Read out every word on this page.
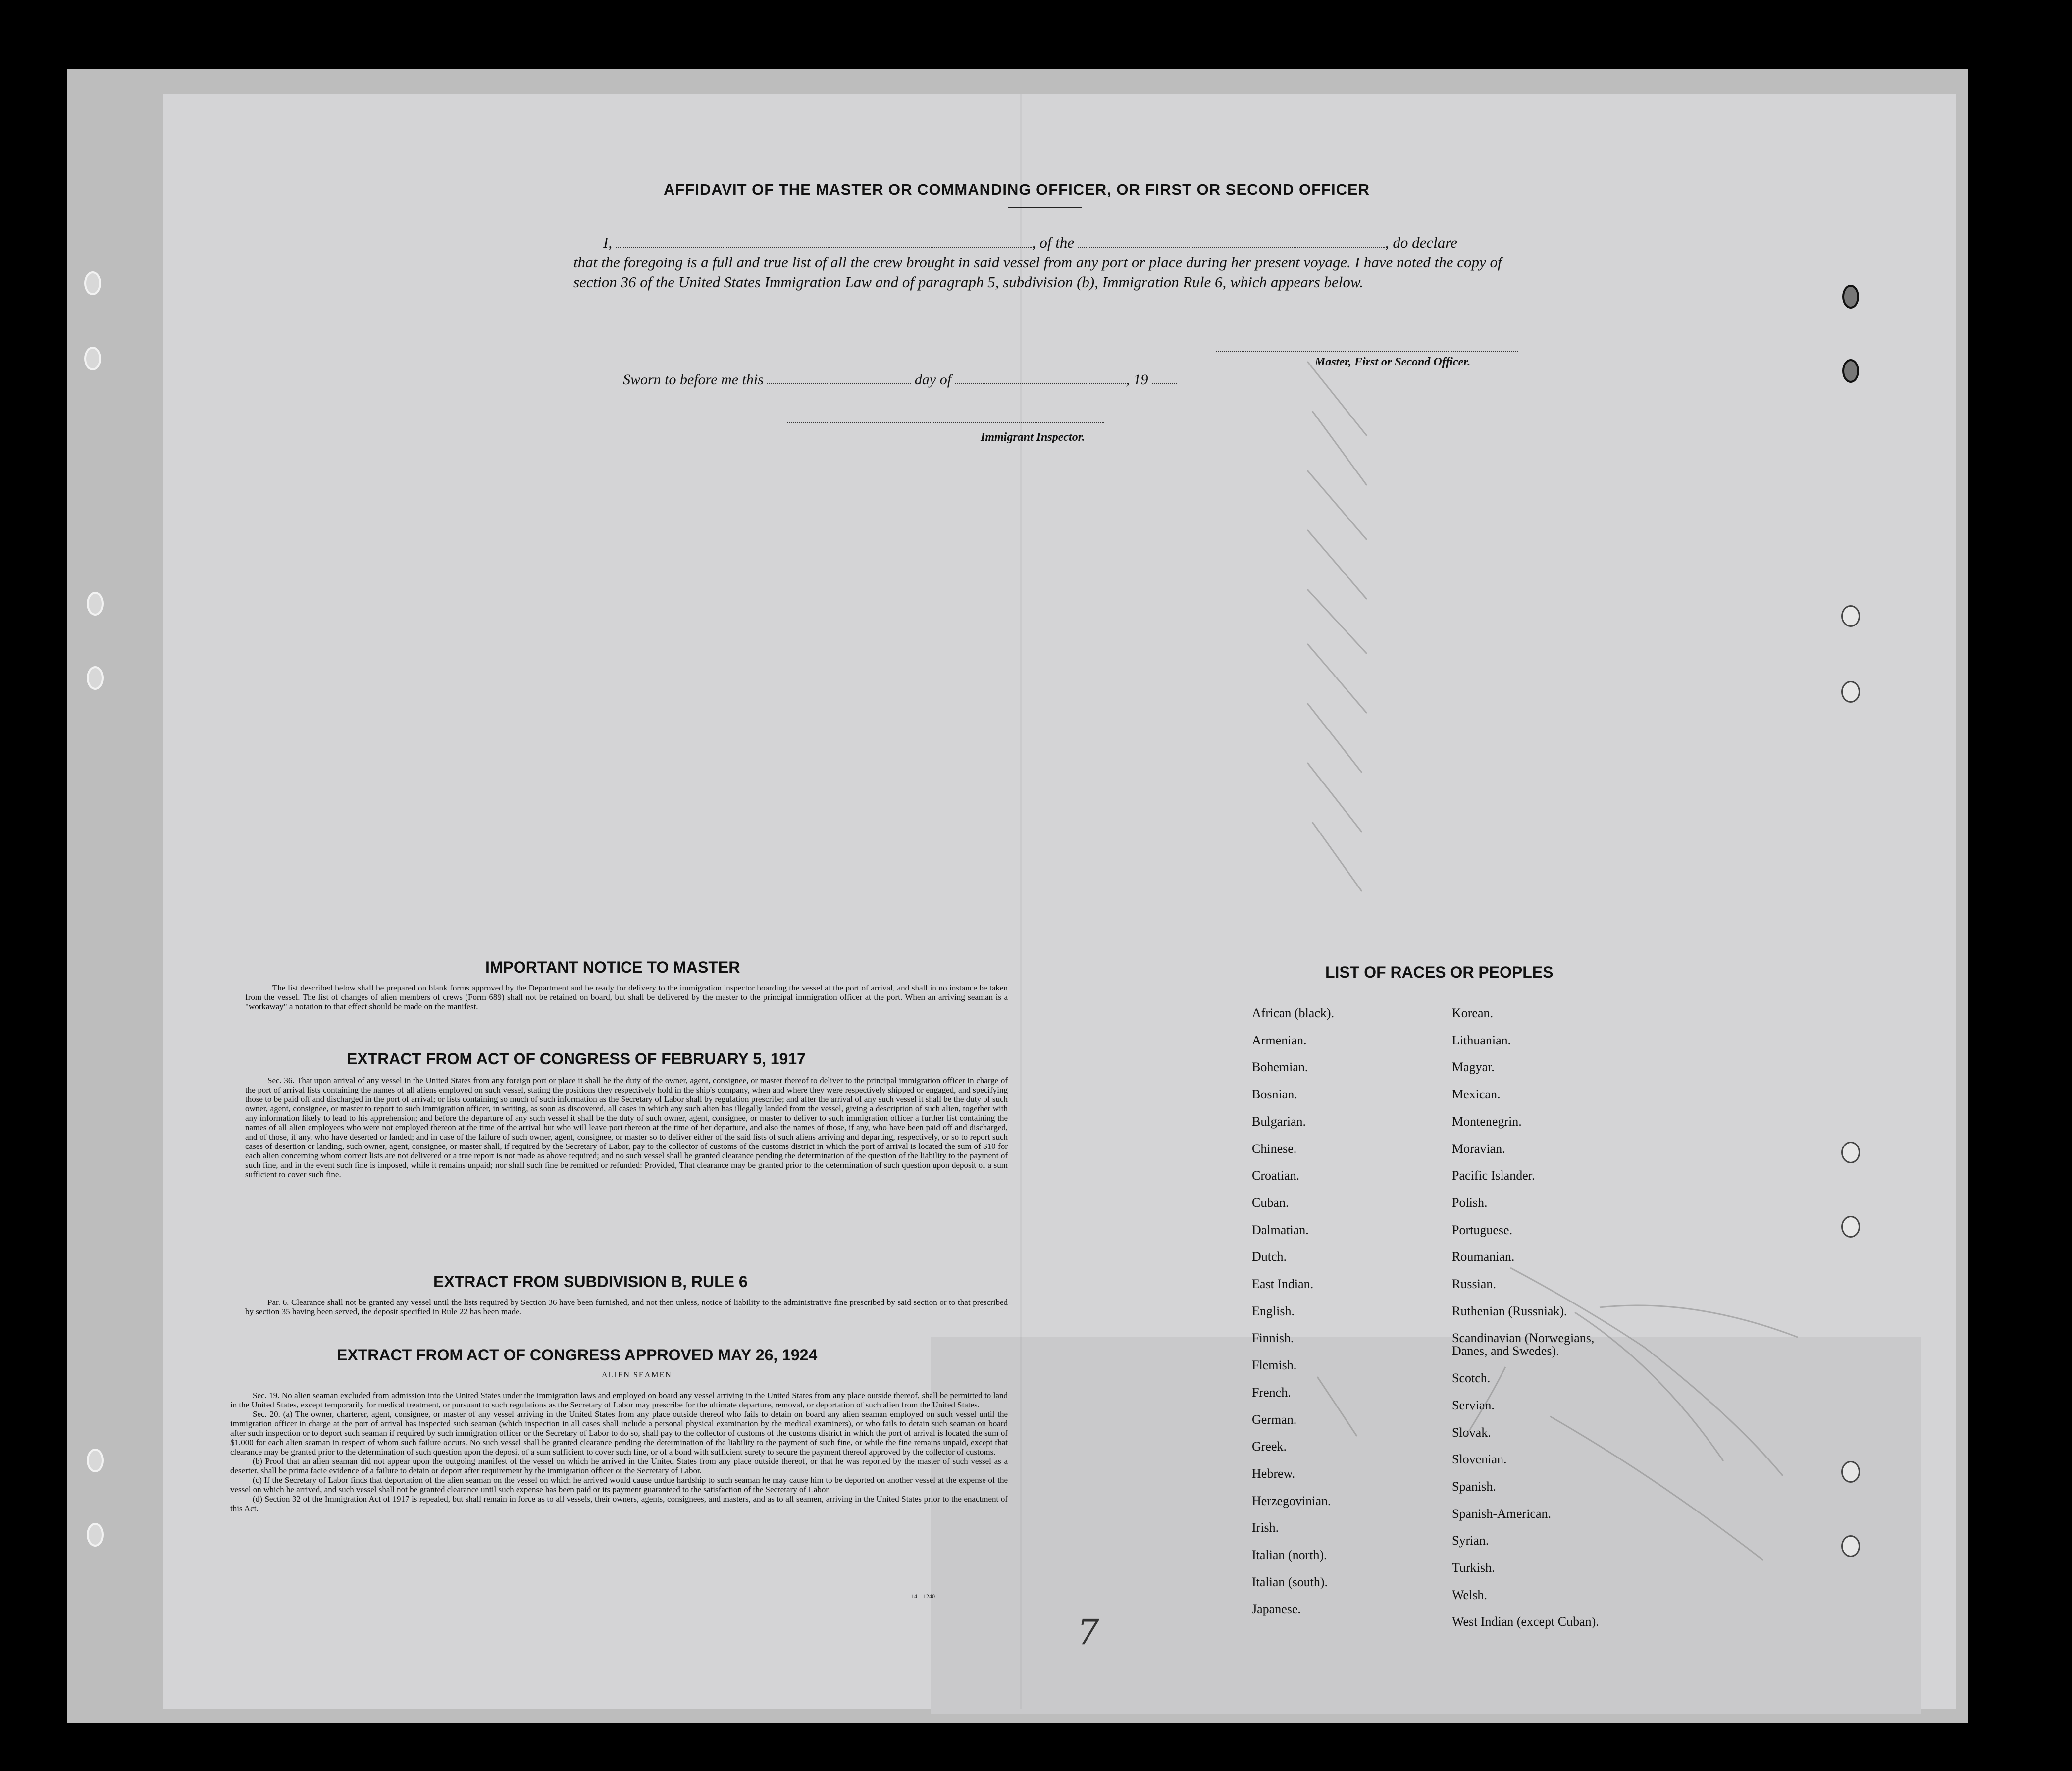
AFFIDAVIT OF THE MASTER OR COMMANDING OFFICER, OR FIRST OR SECOND OFFICER
I,	, of the	, do declare
that the foregoing is a full and true list of all the crew brought in said vessel from any port or place during her present voyage. I have noted the copy of section 36 of the United States Immigration Law and of paragraph 5, subdivision (b), Immigration Rule 6, which appears below.
Master, First or Second Officer.
Sworn to before me this	day of	, 19
Immigrant Inspector.
IMPORTANT NOTICE TO MASTER
The list described below shall be prepared on blank forms approved by the Department and be ready for delivery to the immigration inspector boarding the vessel at the port of arrival, and shall in no instance be taken from the vessel. The list of changes of alien members of crews (Form 689) shall not be retained on board, but shall be delivered by the master to the principal immigration officer at the port. When an arriving seaman is a "workaway" a notation to that effect should be made on the manifest.
EXTRACT FROM ACT OF CONGRESS OF FEBRUARY 5, 1917
Sec. 36. That upon arrival of any vessel in the United States from any foreign port or place it shall be the duty of the owner, agent, consignee, or master thereof to deliver to the principal immigration officer in charge of the port of arrival lists containing the names of all aliens employed on such vessel, stating the positions they respectively hold in the ship's company, when and where they were respectively shipped or engaged, and specifying those to be paid off and discharged in the port of arrival; or lists containing so much of such information as the Secretary of Labor shall by regulation prescribe; and after the arrival of any such vessel it shall be the duty of such owner, agent, consignee, or master to report to such immigration officer, in writing, as soon as discovered, all cases in which any such alien has illegally landed from the vessel, giving a description of such alien, together with any information likely to lead to his apprehension; and before the departure of any such vessel it shall be the duty of such owner, agent, consignee, or master to deliver to such immigration officer a further list containing the names of all alien employees who were not employed thereon at the time of the arrival but who will leave port thereon at the time of her departure, and also the names of those, if any, who have been paid off and discharged, and of those, if any, who have deserted or landed; and in case of the failure of such owner, agent, consignee, or master so to deliver either of the said lists of such aliens arriving and departing, respectively, or so to report such cases of desertion or landing, such owner, agent, consignee, or master shall, if required by the Secretary of Labor, pay to the collector of customs of the customs district in which the port of arrival is located the sum of $10 for each alien concerning whom correct lists are not delivered or a true report is not made as above required; and no such vessel shall be granted clearance pending the determination of the question of the liability to the payment of such fine, and in the event such fine is imposed, while it remains unpaid; nor shall such fine be remitted or refunded: Provided, That clearance may be granted prior to the determination of such question upon deposit of a sum sufficient to cover such fine.
EXTRACT FROM SUBDIVISION B, RULE 6
Par. 6. Clearance shall not be granted any vessel until the lists required by Section 36 have been furnished, and not then unless, notice of liability to the administrative fine prescribed by said section or to that prescribed by section 35 having been served, the deposit specified in Rule 22 has been made.
EXTRACT FROM ACT OF CONGRESS APPROVED MAY 26, 1924
ALIEN SEAMEN

Sec. 19. No alien seaman excluded from admission into the United States under the immigration laws and employed on board any vessel arriving in the United States from any place outside thereof, shall be permitted to land in the United States, except temporarily for medical treatment, or pursuant to such regulations as the Secretary of Labor may prescribe for the ultimate departure, removal, or deportation of such alien from the United States.

Sec. 20. (a) The owner, charterer, agent, consignee, or master of any vessel arriving in the United States from any place outside thereof who fails to detain on board any alien seaman employed on such vessel until the immigration officer in charge at the port of arrival has inspected such seaman (which inspection in all cases shall include a personal physical examination by the medical examiners), or who fails to detain such seaman on board after such inspection or to deport such seaman if required by such immigration officer or the Secretary of Labor to do so, shall pay to the collector of customs of the customs district in which the port of arrival is located the sum of $1,000 for each alien seaman in respect of whom such failure occurs. No such vessel shall be granted clearance pending the determination of the liability to the payment of such fine, or while the fine remains unpaid, except that clearance may be granted prior to the determination of such question upon the deposit of a sum sufficient to cover such fine, or of a bond with sufficient surety to secure the payment thereof approved by the collector of customs.

(b) Proof that an alien seaman did not appear upon the outgoing manifest of the vessel on which he arrived in the United States from any place outside thereof, or that he was reported by the master of such vessel as a deserter, shall be prima facie evidence of a failure to detain or deport after requirement by the immigration officer or the Secretary of Labor.

(c) If the Secretary of Labor finds that deportation of the alien seaman on the vessel on which he arrived would cause undue hardship to such seaman he may cause him to be deported on another vessel at the expense of the vessel on which he arrived, and such vessel shall not be granted clearance until such expense has been paid or its payment guaranteed to the satisfaction of the Secretary of Labor.

(d) Section 32 of the Immigration Act of 1917 is repealed, but shall remain in force as to all vessels, their owners, agents, consignees, and masters, and as to all seamen, arriving in the United States prior to the enactment of this Act.

14—1240
LIST OF RACES OR PEOPLES
African (black).
Armenian.
Bohemian.
Bosnian.
Bulgarian.
Chinese.
Croatian.
Cuban.
Dalmatian.
Dutch.
East Indian.
English.
Finnish.
Flemish.
French.
German.
Greek.
Hebrew.
Herzegovinian.
Irish.
Italian (north).
Italian (south).
Japanese.
Korean.
Lithuanian.
Magyar.
Mexican.
Montenegrin.
Moravian.
Pacific Islander.
Polish.
Portuguese.
Roumanian.
Russian.
Ruthenian (Russniak).
Scandinavian (Norwegians,
Danes, and Swedes).
Scotch.
Servian.
Slovak.
Slovenian.
Spanish.
Spanish-American.
Syrian.
Turkish.
Welsh.
West Indian (except Cuban).
7
